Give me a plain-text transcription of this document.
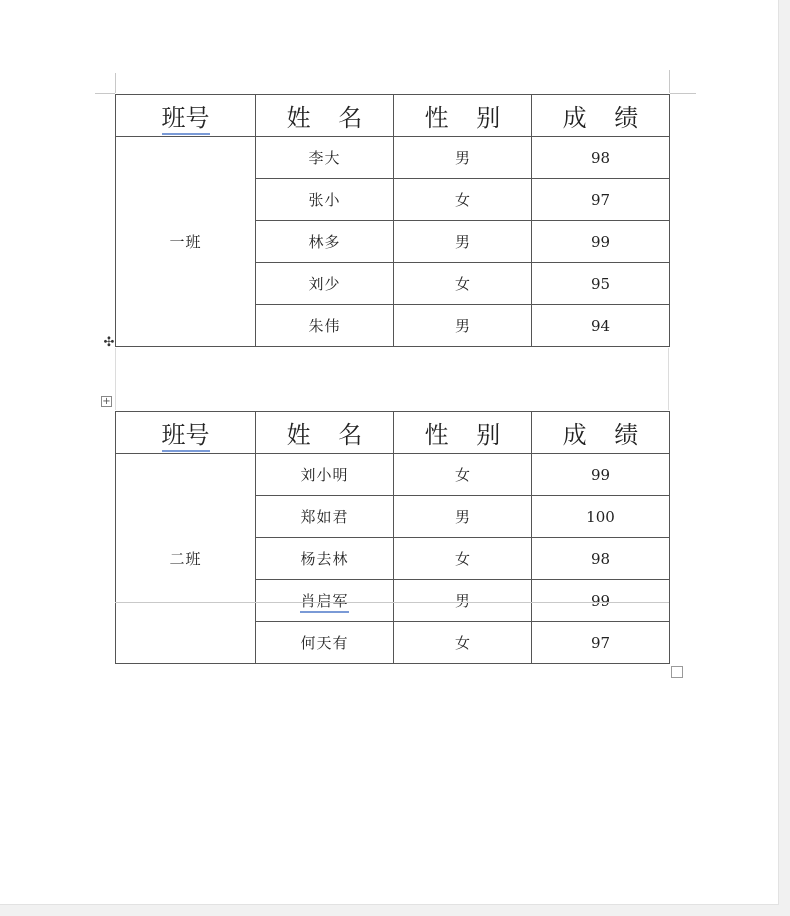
班号	姓 名	性 别	成 绩
一班	李大	男	98
	张小	女	97
	林多	男	99
	刘少	女	95
	朱伟	男	94
✣
+
班号	姓 名	性 别	成 绩
二班	刘小明	女	99
	郑如君	男	100
	杨去林	女	98
	肖启军	男	99
	何天有	女	97
